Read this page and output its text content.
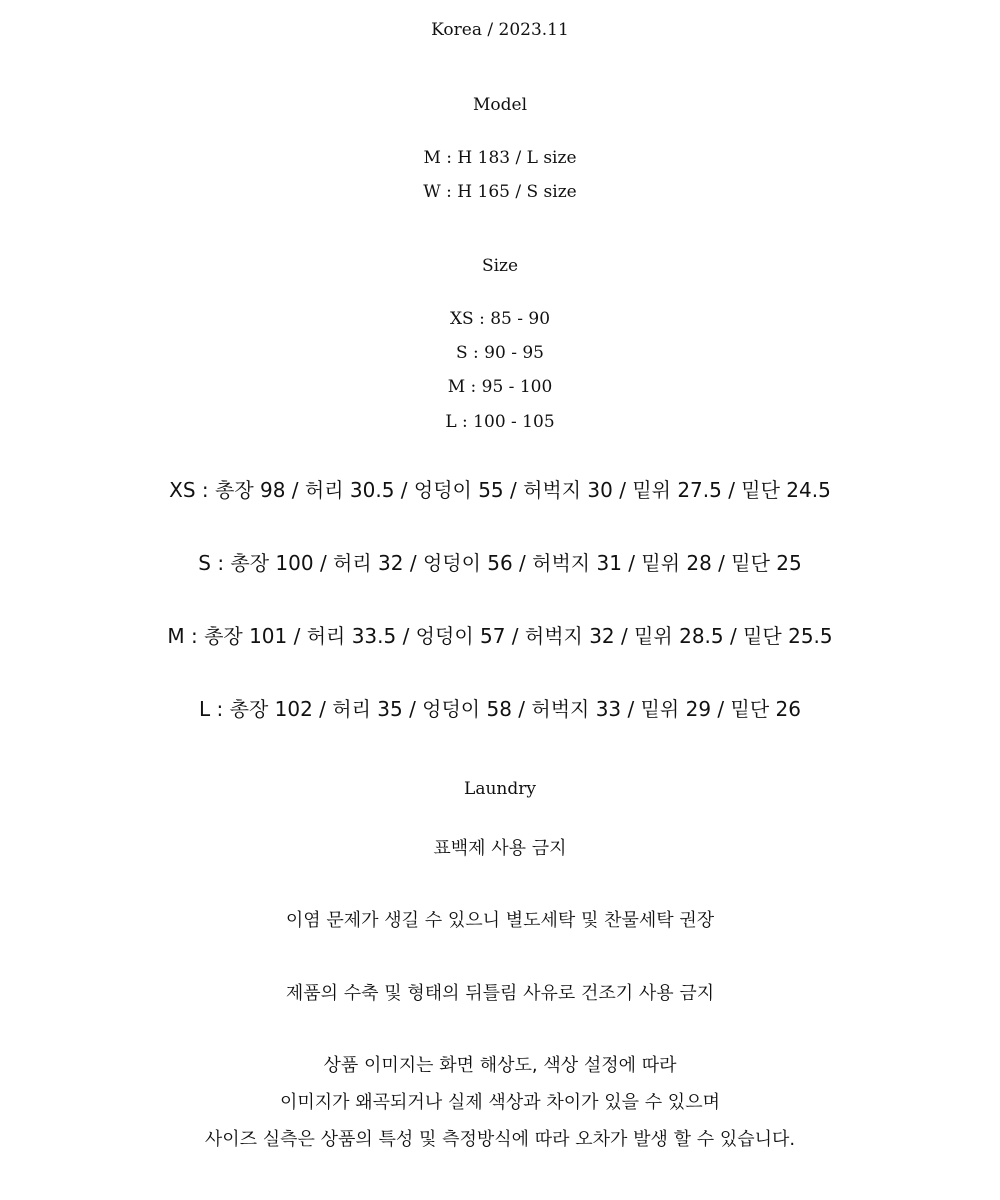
Korea / 2023.11
Model
M : H 183 / L size
W : H 165 / S size
Size
XS : 85 - 90
S : 90 - 95
M : 95 - 100
L : 100 - 105
XS : 총장 98 / 허리 30.5 / 엉덩이 55 / 허벅지 30 / 밑위 27.5 / 밑단 24.5
S : 총장 100 / 허리 32 / 엉덩이 56 / 허벅지 31 / 밑위 28 / 밑단 25
M : 총장 101 / 허리 33.5 / 엉덩이 57 / 허벅지 32 / 밑위 28.5 / 밑단 25.5
L : 총장 102 / 허리 35 / 엉덩이 58 / 허벅지 33 / 밑위 29 / 밑단 26
Laundry
표백제 사용 금지
이염 문제가 생길 수 있으니 별도세탁 및 찬물세탁 권장
제품의 수축 및 형태의 뒤틀림 사유로 건조기 사용 금지
상품 이미지는 화면 해상도, 색상 설정에 따라
이미지가 왜곡되거나 실제 색상과 차이가 있을 수 있으며
사이즈 실측은 상품의 특성 및 측정방식에 따라 오차가 발생 할 수 있습니다.
